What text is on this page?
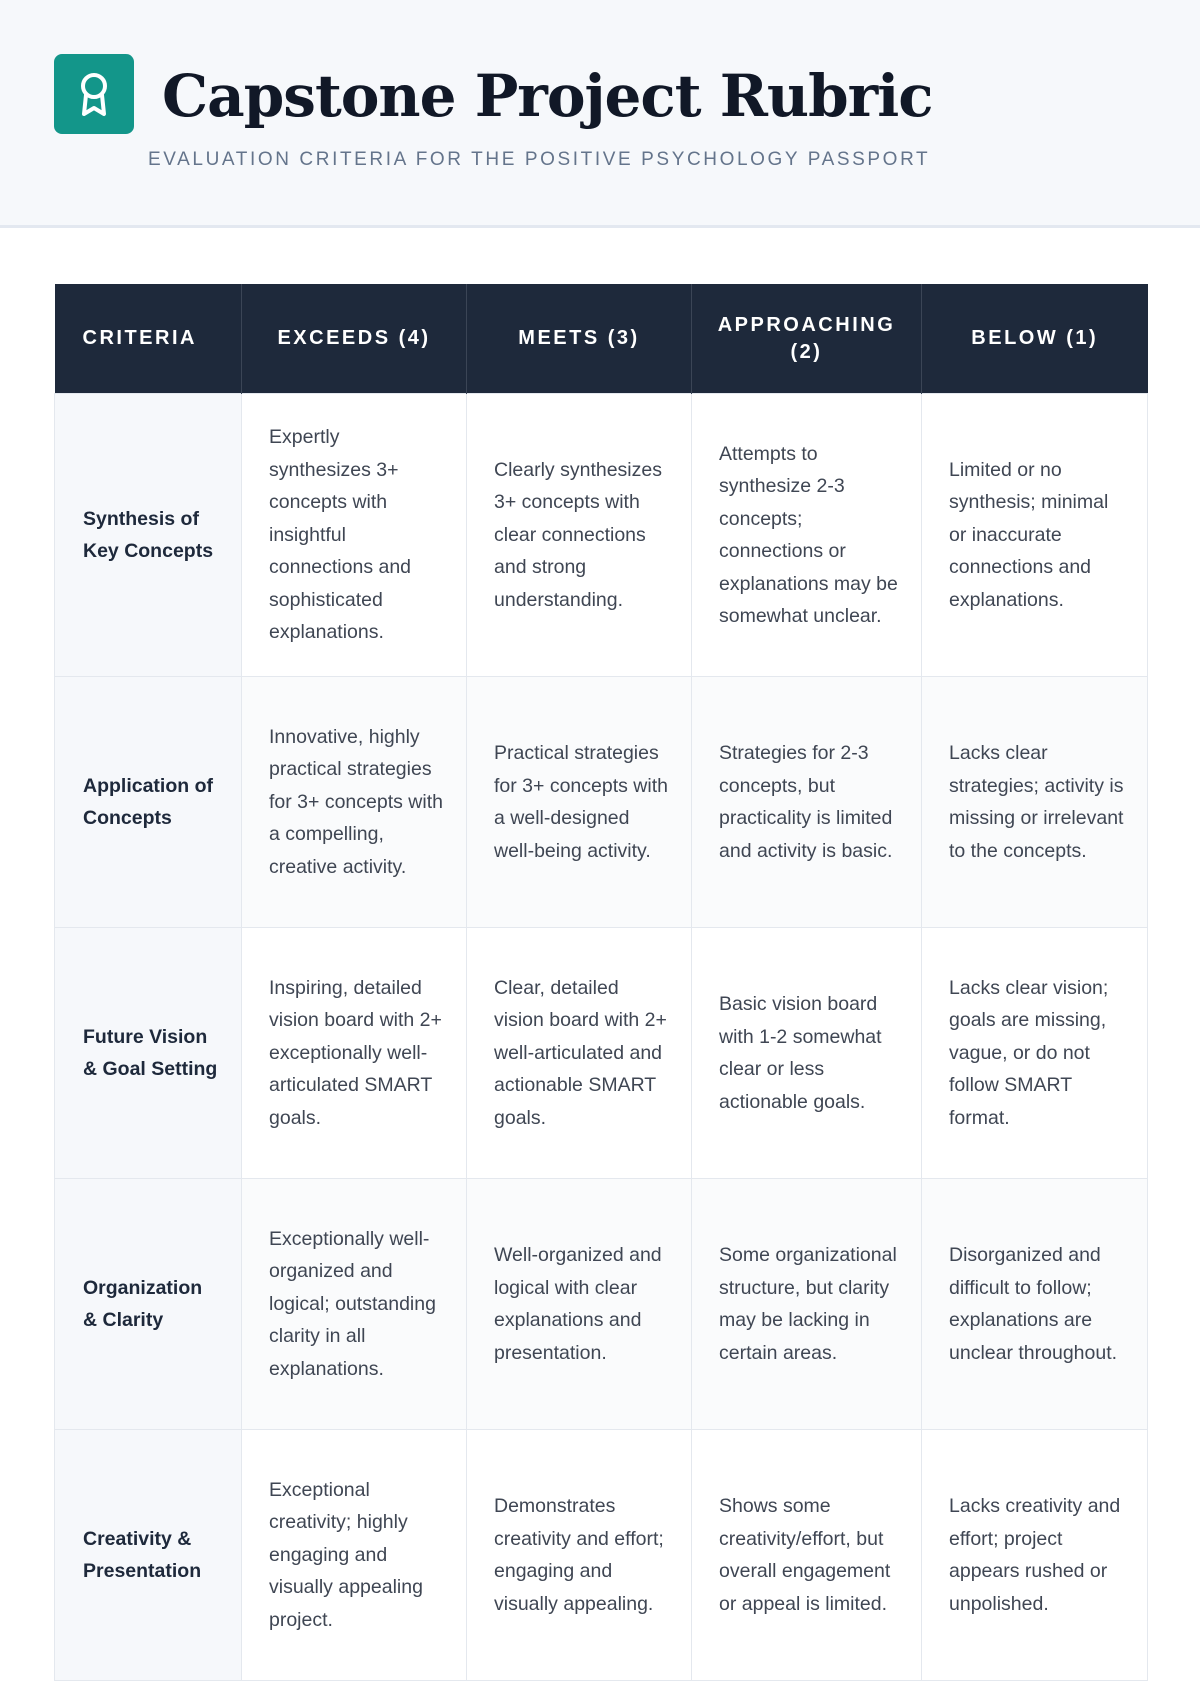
Capstone Project Rubric

EVALUATION CRITERIA FOR THE POSITIVE PSYCHOLOGY PASSPORT

CRITERIA	EXCEEDS (4)	MEETS (3)	APPROACHING (2)	BELOW (1)
Synthesis of Key Concepts	Expertly synthesizes 3+ concepts with insightful connections and sophisticated explanations.	Clearly synthesizes 3+ concepts with clear connections and strong understanding.	Attempts to synthesize 2-3 concepts; connections or explanations may be somewhat unclear.	Limited or no synthesis; minimal or inaccurate connections and explanations.
Application of Concepts	Innovative, highly practical strategies for 3+ concepts with a compelling, creative activity.	Practical strategies for 3+ concepts with a well-designed well-being activity.	Strategies for 2-3 concepts, but practicality is limited and activity is basic.	Lacks clear strategies; activity is missing or irrelevant to the concepts.
Future Vision & Goal Setting	Inspiring, detailed vision board with 2+ exceptionally well-articulated SMART goals.	Clear, detailed vision board with 2+ well-articulated and actionable SMART goals.	Basic vision board with 1-2 somewhat clear or less actionable goals.	Lacks clear vision; goals are missing, vague, or do not follow SMART format.
Organization & Clarity	Exceptionally well-organized and logical; outstanding clarity in all explanations.	Well-organized and logical with clear explanations and presentation.	Some organizational structure, but clarity may be lacking in certain areas.	Disorganized and difficult to follow; explanations are unclear throughout.
Creativity & Presentation	Exceptional creativity; highly engaging and visually appealing project.	Demonstrates creativity and effort; engaging and visually appealing.	Shows some creativity/effort, but overall engagement or appeal is limited.	Lacks creativity and effort; project appears rushed or unpolished.
